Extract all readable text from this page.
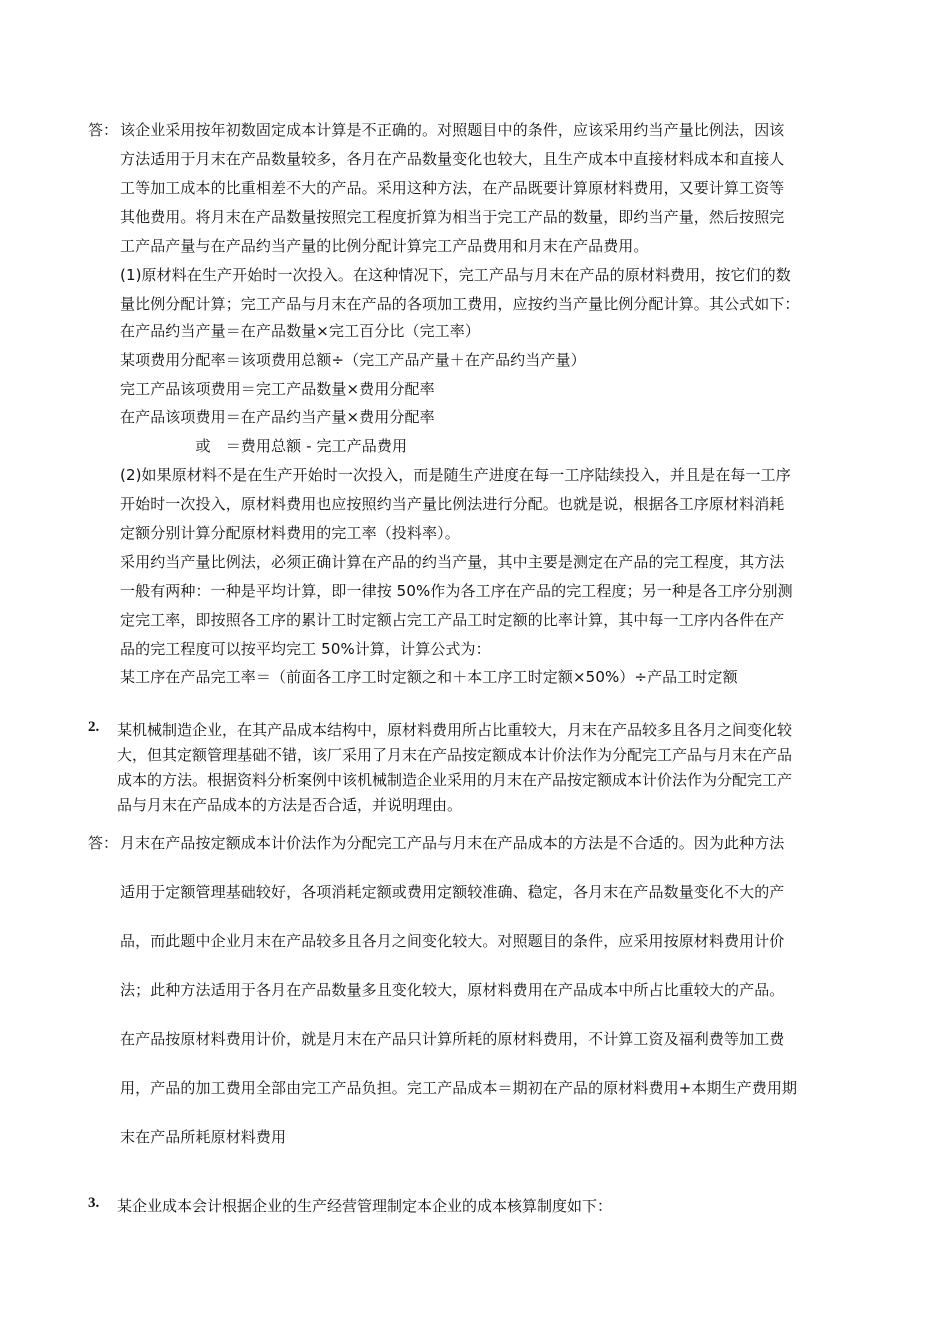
答： 该企业采用按年初数固定成本计算是不正确的。对照题目中的条件，应该采用约当产量比例法，因该
方法适用于月末在产品数量较多，各月在产品数量变化也较大，且生产成本中直接材料成本和直接人
工等加工成本的比重相差不大的产品。采用这种方法，在产品既要计算原材料费用，又要计算工资等
其他费用。将月末在产品数量按照完工程度折算为相当于完工产品的数量，即约当产量，然后按照完
工产品产量与在产品约当产量的比例分配计算完工产品费用和月末在产品费用。
(1)原材料在生产开始时一次投入。在这种情况下，完工产品与月末在产品的原材料费用，按它们的数
量比例分配计算；完工产品与月末在产品的各项加工费用，应按约当产量比例分配计算。其公式如下：
在产品约当产量＝在产品数量×完工百分比（完工率）
某项费用分配率＝该项费用总额÷（完工产品产量＋在产品约当产量）
完工产品该项费用＝完工产品数量×费用分配率
在产品该项费用＝在产品约当产量×费用分配率
　　　　　或　＝费用总额 - 完工产品费用
(2)如果原材料不是在生产开始时一次投入，而是随生产进度在每一工序陆续投入，并且是在每一工序
开始时一次投入，原材料费用也应按照约当产量比例法进行分配。也就是说，根据各工序原材料消耗
定额分别计算分配原材料费用的完工率（投料率）。
采用约当产量比例法，必须正确计算在产品的约当产量，其中主要是测定在产品的完工程度，其方法
一般有两种：一种是平均计算，即一律按 50%作为各工序在产品的完工程度；另一种是各工序分别测
定完工率，即按照各工序的累计工时定额占完工产品工时定额的比率计算，其中每一工序内各件在产
品的完工程度可以按平均完工 50%计算，计算公式为：
某工序在产品完工率＝（前面各工序工时定额之和＋本工序工时定额×50%）÷产品工时定额
2. 某机械制造企业，在其产品成本结构中，原材料费用所占比重较大，月末在产品较多且各月之间变化较
大，但其定额管理基础不错，该厂采用了月末在产品按定额成本计价法作为分配完工产品与月末在产品
成本的方法。根据资料分析案例中该机械制造企业采用的月末在产品按定额成本计价法作为分配完工产
品与月末在产品成本的方法是否合适，并说明理由。
答： 月末在产品按定额成本计价法作为分配完工产品与月末在产品成本的方法是不合适的。因为此种方法
适用于定额管理基础较好，各项消耗定额或费用定额较准确、稳定，各月末在产品数量变化不大的产
品，而此题中企业月末在产品较多且各月之间变化较大。对照题目的条件，应采用按原材料费用计价
法；此种方法适用于各月在产品数量多且变化较大，原材料费用在产品成本中所占比重较大的产品。
在产品按原材料费用计价，就是月末在产品只计算所耗的原材料费用，不计算工资及福利费等加工费
用，产品的加工费用全部由完工产品负担。完工产品成本＝期初在产品的原材料费用+本期生产费用期
末在产品所耗原材料费用
3. 某企业成本会计根据企业的生产经营管理制定本企业的成本核算制度如下：
